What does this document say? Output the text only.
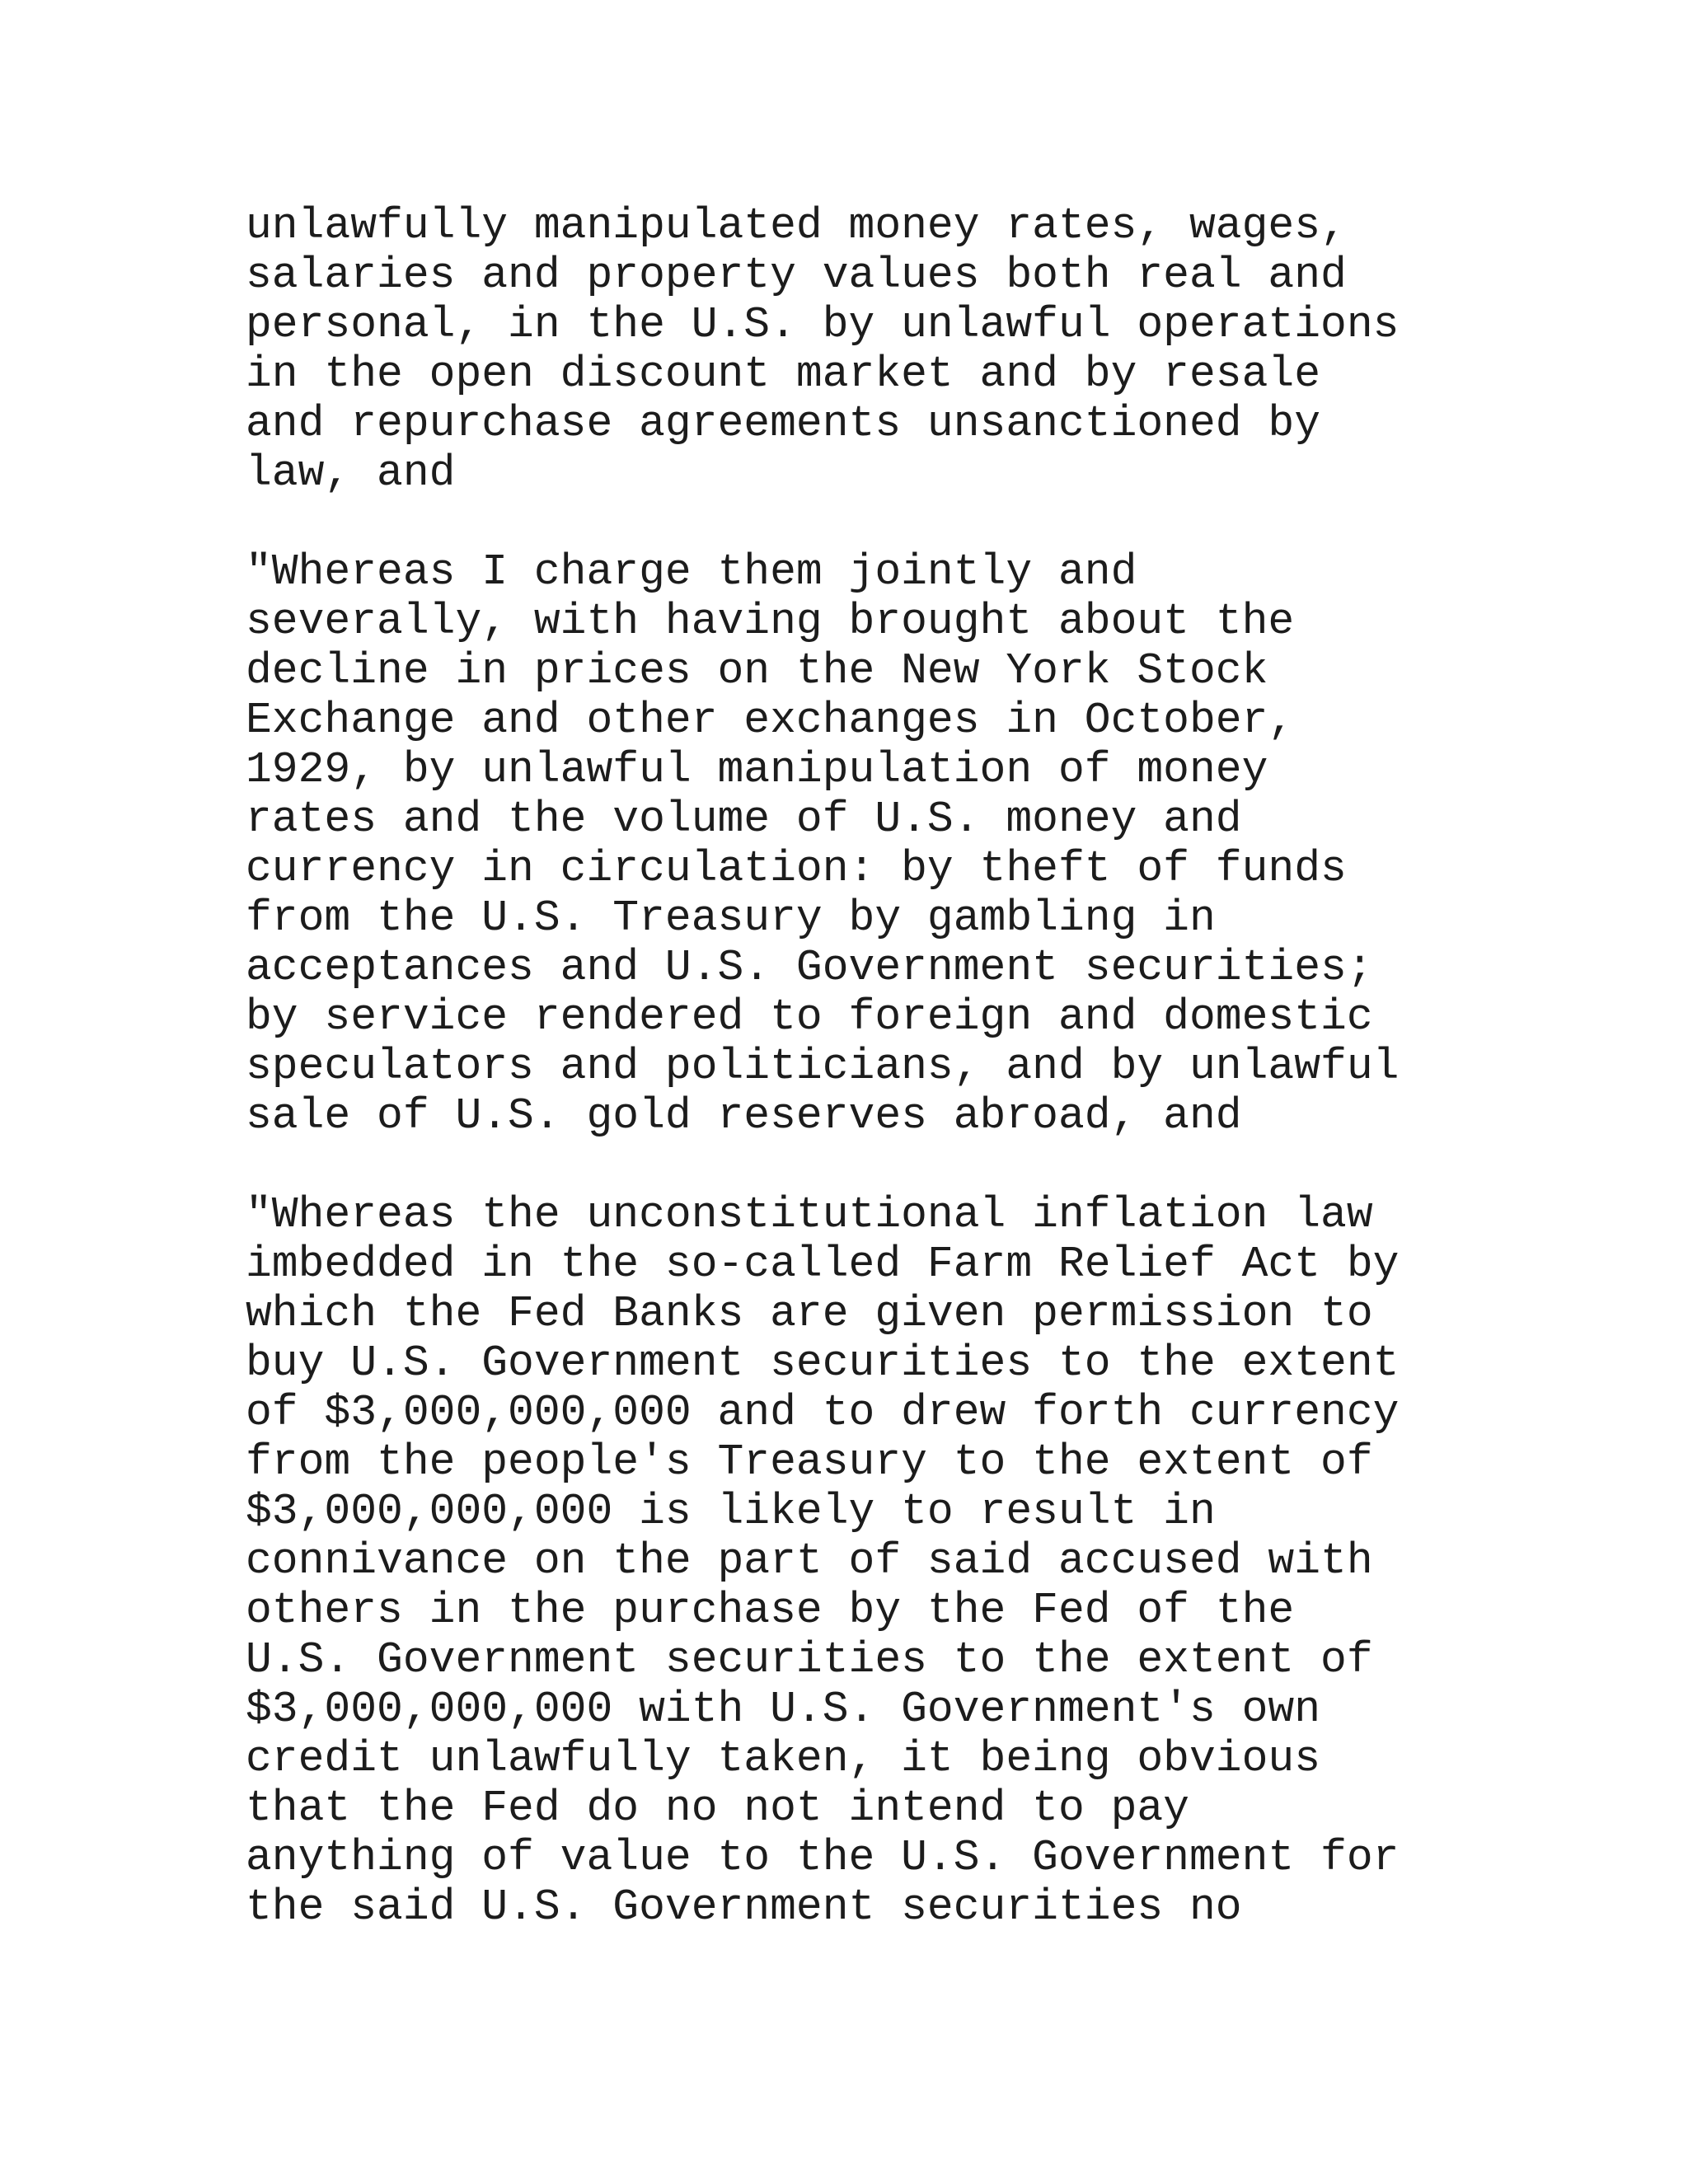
unlawfully manipulated money rates, wages,
salaries and property values both real and
personal, in the U.S. by unlawful operations
in the open discount market and by resale
and repurchase agreements unsanctioned by
law, and
"Whereas I charge them jointly and
severally, with having brought about the
decline in prices on the New York Stock
Exchange and other exchanges in October,
1929, by unlawful manipulation of money
rates and the volume of U.S. money and
currency in circulation: by theft of funds
from the U.S. Treasury by gambling in
acceptances and U.S. Government securities;
by service rendered to foreign and domestic
speculators and politicians, and by unlawful
sale of U.S. gold reserves abroad, and
"Whereas the unconstitutional inflation law
imbedded in the so-called Farm Relief Act by
which the Fed Banks are given permission to
buy U.S. Government securities to the extent
of $3,000,000,000 and to drew forth currency
from the people's Treasury to the extent of
$3,000,000,000 is likely to result in
connivance on the part of said accused with
others in the purchase by the Fed of the
U.S. Government securities to the extent of
$3,000,000,000 with U.S. Government's own
credit unlawfully taken, it being obvious
that the Fed do no not intend to pay
anything of value to the U.S. Government for
the said U.S. Government securities no
